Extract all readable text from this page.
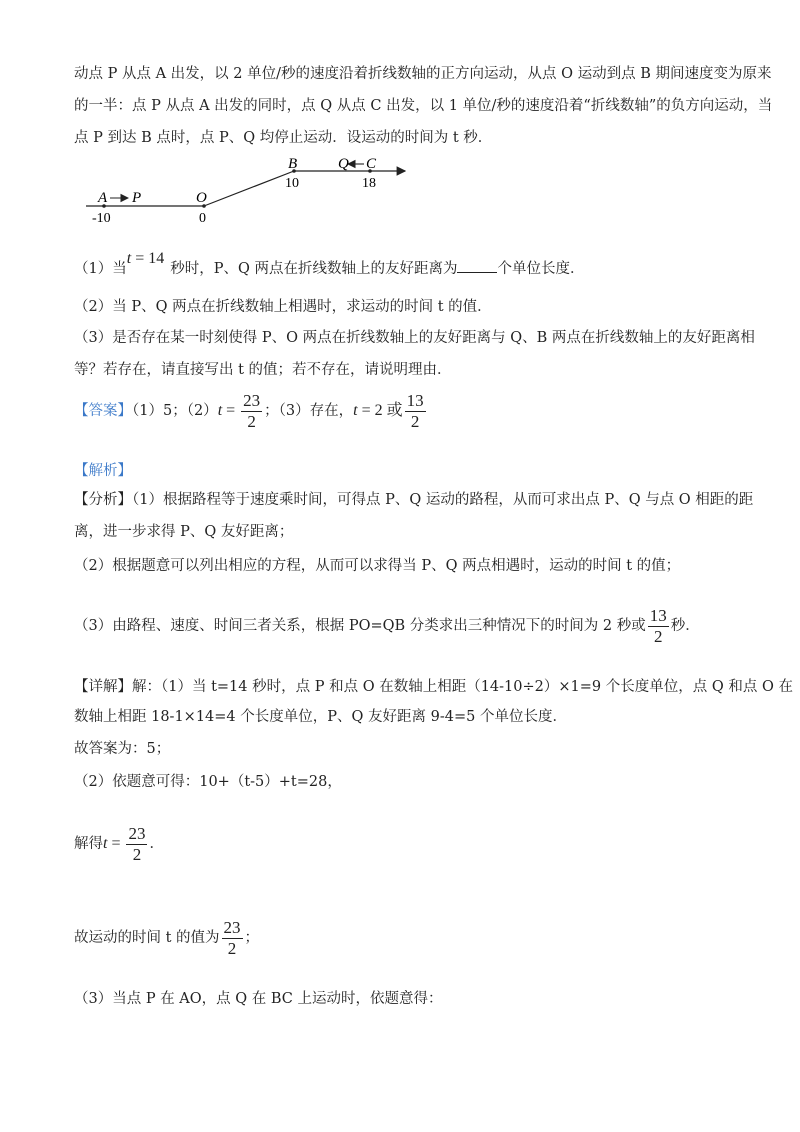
动点 P 从点 A 出发，以 2 单位/秒的速度沿着折线数轴的正方向运动，从点 O 运动到点 B 期间速度变为原来
的一半：点 P 从点 A 出发的同时，点 Q 从点 C 出发，以 1 单位/秒的速度沿着“折线数轴”的负方向运动，当
点 P 到达 B 点时，点 P、Q 均停止运动．设运动的时间为 t 秒．
A P	O
B	Q C
-10	0
10	18
（1）当t = 14秒时，P、Q 两点在折线数轴上的友好距离为	个单位长度．
（2）当 P、Q 两点在折线数轴上相遇时，求运动的时间 t 的值．
（3）是否存在某一时刻使得 P、O 两点在折线数轴上的友好距离与 Q、B 两点在折线数轴上的友好距离相
等？若存在，请直接写出 t 的值；若不存在，请说明理由．
【答案】（1）5；$(2)t = \frac{23}{2}$ ；（3）存在，t = 2 或 $\frac{13}{2}$
【解析】
【分析】（1）根据路程等于速度乘时间，可得点 P、Q 运动的路程，从而可求出点 P、Q 与点 O 相距的距
离，进一步求得 P、Q 友好距离；
（2）根据题意可以列出相应的方程，从而可以求得当 P、Q 两点相遇时，运动的时间 t 的值；
（3）由路程、速度、时间三者关系，根据 PO=QB 分类求出三种情况下的时间为 2 秒或 $\frac{13}{2}$ 秒．
【详解】解：（1）当 t=14 秒时，点 P 和点 O 在数轴上相距（14-10÷2）×1=9 个长度单位，点 Q 和点 O 在
数轴上相距 18-1×14=4 个长度单位，P、Q 友好距离 9-4=5 个单位长度．
故答案为：5；
（2）依题意可得：10+（t-5）+t=28，
解得$t = \frac{23}{2}$ ．
故运动的时间 t 的值为 $\frac{23}{2}$ ；
（3）当点 P 在 AO，点 Q 在 BC 上运动时，依题意得：
